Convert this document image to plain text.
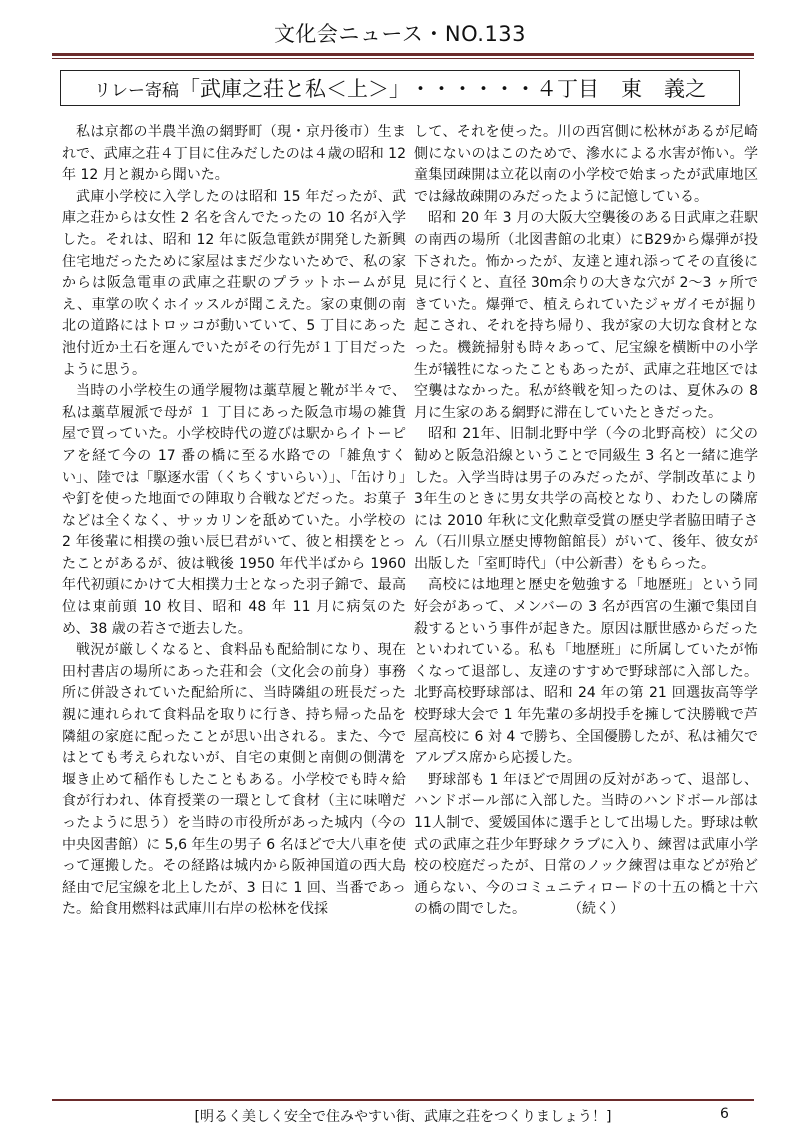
文化会ニュース・NO.133
リレー寄稿 「武庫之荘と私＜上＞」 ・・・・・・ ４丁目 東 義之

私は京都の半農半漁の網野町（現・京丹後市）生まれで、武庫之荘４丁目に住みだしたのは４歳の昭和 12 年 12 月と親から聞いた。

武庫小学校に入学したのは昭和 15 年だったが、武庫之荘からは女性 2 名を含んでたったの 10 名が入学した。それは、昭和 12 年に阪急電鉄が開発した新興住宅地だったために家屋はまだ少ないためで、私の家からは阪急電車の武庫之荘駅のプラットホームが見え、車掌の吹くホイッスルが聞こえた。家の東側の南北の道路にはトロッコが動いていて、5 丁目にあった池付近か土石を運んでいたがその行先が１丁目だったように思う。

当時の小学校生の通学履物は藁草履と靴が半々で、私は藁草履派で母が １ 丁目にあった阪急市場の雑貨屋で買っていた。小学校時代の遊びは駅からイトーピアを経て今の 17 番の橋に至る水路での「雑魚すくい」、陸では「駆逐水雷（くちくすいらい）」、「缶けり」や釘を使った地面での陣取り合戦などだった。お菓子などは全くなく、サッカリンを舐めていた。小学校の 2 年後輩に相撲の強い辰巳君がいて、彼と相撲をとったことがあるが、彼は戦後 1950 年代半ばから 1960 年代初頭にかけて大相撲力士となった羽子錦で、最高位は東前頭 10 枚目、昭和 48 年 11 月に病気のため、38 歳の若さで逝去した。

戦況が厳しくなると、食料品も配給制になり、現在田村書店の場所にあった荘和会（文化会の前身）事務所に併設されていた配給所に、当時隣組の班長だった親に連れられて食料品を取りに行き、持ち帰った品を隣組の家庭に配ったことが思い出される。また、今ではとても考えられないが、自宅の東側と南側の側溝を堰き止めて稲作もしたこともある。小学校でも時々給食が行われ、体育授業の一環として食材（主に味噌だったように思う）を当時の市役所があった城内（今の中央図書館）に 5,6 年生の男子 6 名ほどで大八車を使って運搬した。その経路は城内から阪神国道の西大島経由で尼宝線を北上したが、3 日に 1 回、当番であった。給食用燃料は武庫川右岸の松林を伐採

して、それを使った。川の西宮側に松林があるが尼崎側にないのはこのためで、滲水による水害が怖い。学童集団疎開は立花以南の小学校で始まったが武庫地区では縁故疎開のみだったように記憶している。

昭和 20 年 3 月の大阪大空襲後のある日武庫之荘駅の南西の場所（北図書館の北東）にB29から爆弾が投下された。怖かったが、友達と連れ添ってその直後に見に行くと、直径 30m余りの大きな穴が 2～3 ヶ所できていた。爆弾で、植えられていたジャガイモが掘り起こされ、それを持ち帰り、我が家の大切な食材となった。機銃掃射も時々あって、尼宝線を横断中の小学生が犠牲になったこともあったが、武庫之荘地区では空襲はなかった。私が終戦を知ったのは、夏休みの 8 月に生家のある網野に滞在していたときだった。

昭和 21年、旧制北野中学（今の北野高校）に父の勧めと阪急沿線ということで同級生 3 名と一緒に進学した。入学当時は男子のみだったが、学制改革により3年生のときに男女共学の高校となり、わたしの隣席には 2010 年秋に文化勲章受賞の歴史学者脇田晴子さん（石川県立歴史博物館館長）がいて、後年、彼女が出版した「室町時代」（中公新書）をもらった。

高校には地理と歴史を勉強する「地歴班」という同好会があって、メンバーの 3 名が西宮の生瀬で集団自殺するという事件が起きた。原因は厭世感からだったといわれている。私も「地歴班」に所属していたが怖くなって退部し、友達のすすめで野球部に入部した。北野高校野球部は、昭和 24 年の第 21 回選抜高等学校野球大会で 1 年先輩の多胡投手を擁して決勝戦で芦屋高校に 6 対 4 で勝ち、全国優勝したが、私は補欠でアルプス席から応援した。

野球部も 1 年ほどで周囲の反対があって、退部し、ハンドボール部に入部した。当時のハンドボール部は 11人制で、愛媛国体に選手として出場した。野球は軟式の武庫之荘少年野球クラブに入り、練習は武庫小学校の校庭だったが、日常のノック練習は車などが殆ど通らない、今のコミュニティロードの十五の橋と十六の橋の間でした。　　　　（続く）

[明るく美しく安全で住みやすい街、武庫之荘をつくりましょう！]	6
